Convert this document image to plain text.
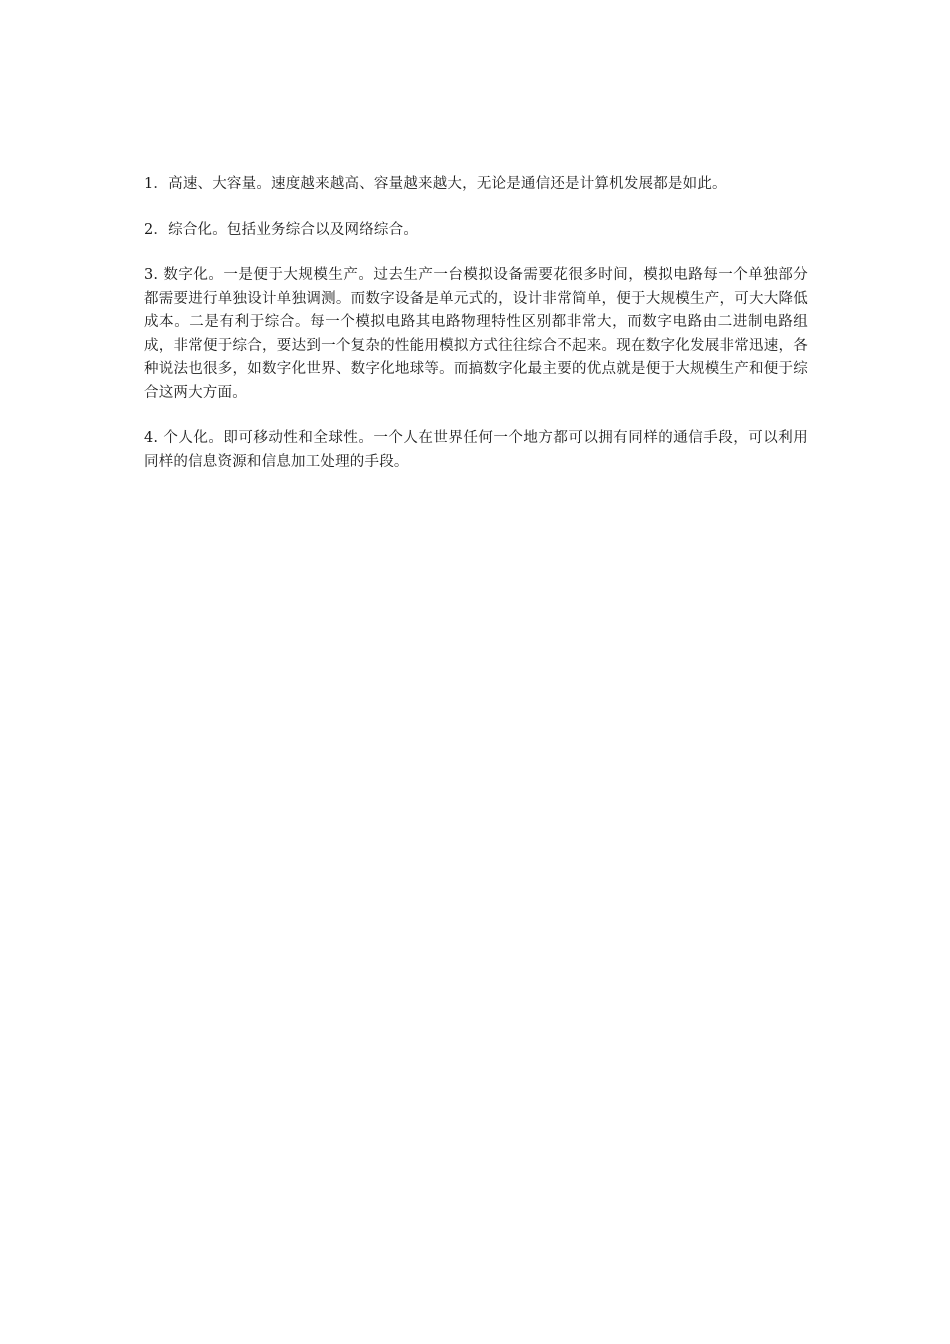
1．高速、大容量。速度越来越高、容量越来越大，无论是通信还是计算机发展都是如此。

2．综合化。包括业务综合以及网络综合。

3. 数字化。一是便于大规模生产。过去生产一台模拟设备需要花很多时间，模拟电路每一个单独部分都需要进行单独设计单独调测。而数字设备是单元式的，设计非常简单，便于大规模生产，可大大降低成本。二是有利于综合。每一个模拟电路其电路物理特性区别都非常大，而数字电路由二进制电路组成，非常便于综合，要达到一个复杂的性能用模拟方式往往综合不起来。现在数字化发展非常迅速，各种说法也很多，如数字化世界、数字化地球等。而搞数字化最主要的优点就是便于大规模生产和便于综合这两大方面。

4. 个人化。即可移动性和全球性。一个人在世界任何一个地方都可以拥有同样的通信手段，可以利用同样的信息资源和信息加工处理的手段。
